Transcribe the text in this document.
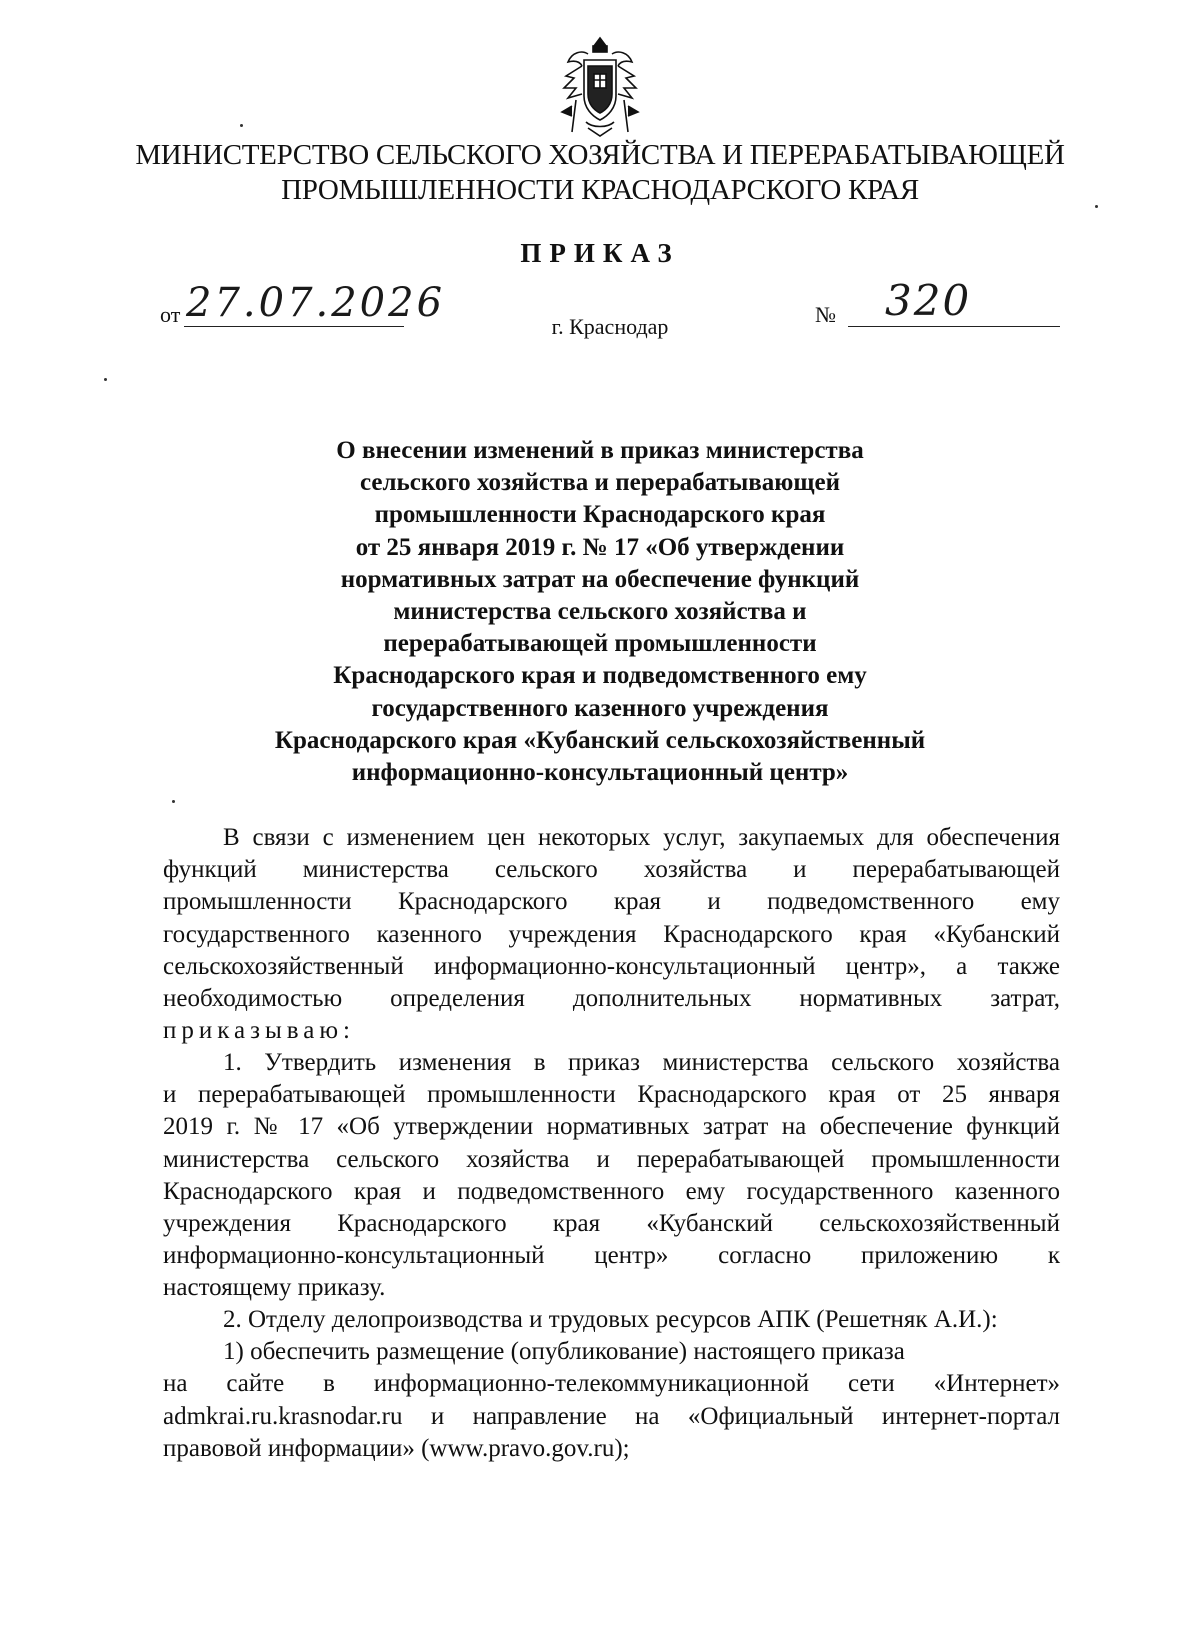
МИНИСТЕРСТВО СЕЛЬСКОГО ХОЗЯЙСТВА И ПЕРЕРАБАТЫВАЮЩЕЙ
ПРОМЫШЛЕННОСТИ КРАСНОДАРСКОГО КРАЯ
ПРИКАЗ
от 27.07.2026	№ 320
г. Краснодар
О внесении изменений в приказ министерства
сельского хозяйства и перерабатывающей
промышленности Краснодарского края
от 25 января 2019 г. № 17 «Об утверждении
нормативных затрат на обеспечение функций
министерства сельского хозяйства и
перерабатывающей промышленности
Краснодарского края и подведомственного ему
государственного казенного учреждения
Краснодарского края «Кубанский сельскохозяйственный
информационно-консультационный центр»
В связи с изменением цен некоторых услуг, закупаемых для обеспечения
функций министерства сельского хозяйства и перерабатывающей
промышленности Краснодарского края и подведомственного ему
государственного казенного учреждения Краснодарского края «Кубанский
сельскохозяйственный информационно-консультационный центр», а также
необходимостью определения дополнительных нормативных затрат,
приказываю:
1. Утвердить изменения в приказ министерства сельского хозяйства
и перерабатывающей промышленности Краснодарского края от 25 января
2019 г. № 17 «Об утверждении нормативных затрат на обеспечение функций
министерства сельского хозяйства и перерабатывающей промышленности
Краснодарского края и подведомственного ему государственного казенного
учреждения Краснодарского края «Кубанский сельскохозяйственный
информационно-консультационный центр» согласно приложению к
настоящему приказу.
2. Отделу делопроизводства и трудовых ресурсов АПК (Решетняк А.И.):
1) обеспечить размещение (опубликование) настоящего приказа
на сайте в информационно-телекоммуникационной сети «Интернет»
admkrai.ru.krasnodar.ru и направление на «Официальный интернет-портал
правовой информации» (www.pravo.gov.ru);
